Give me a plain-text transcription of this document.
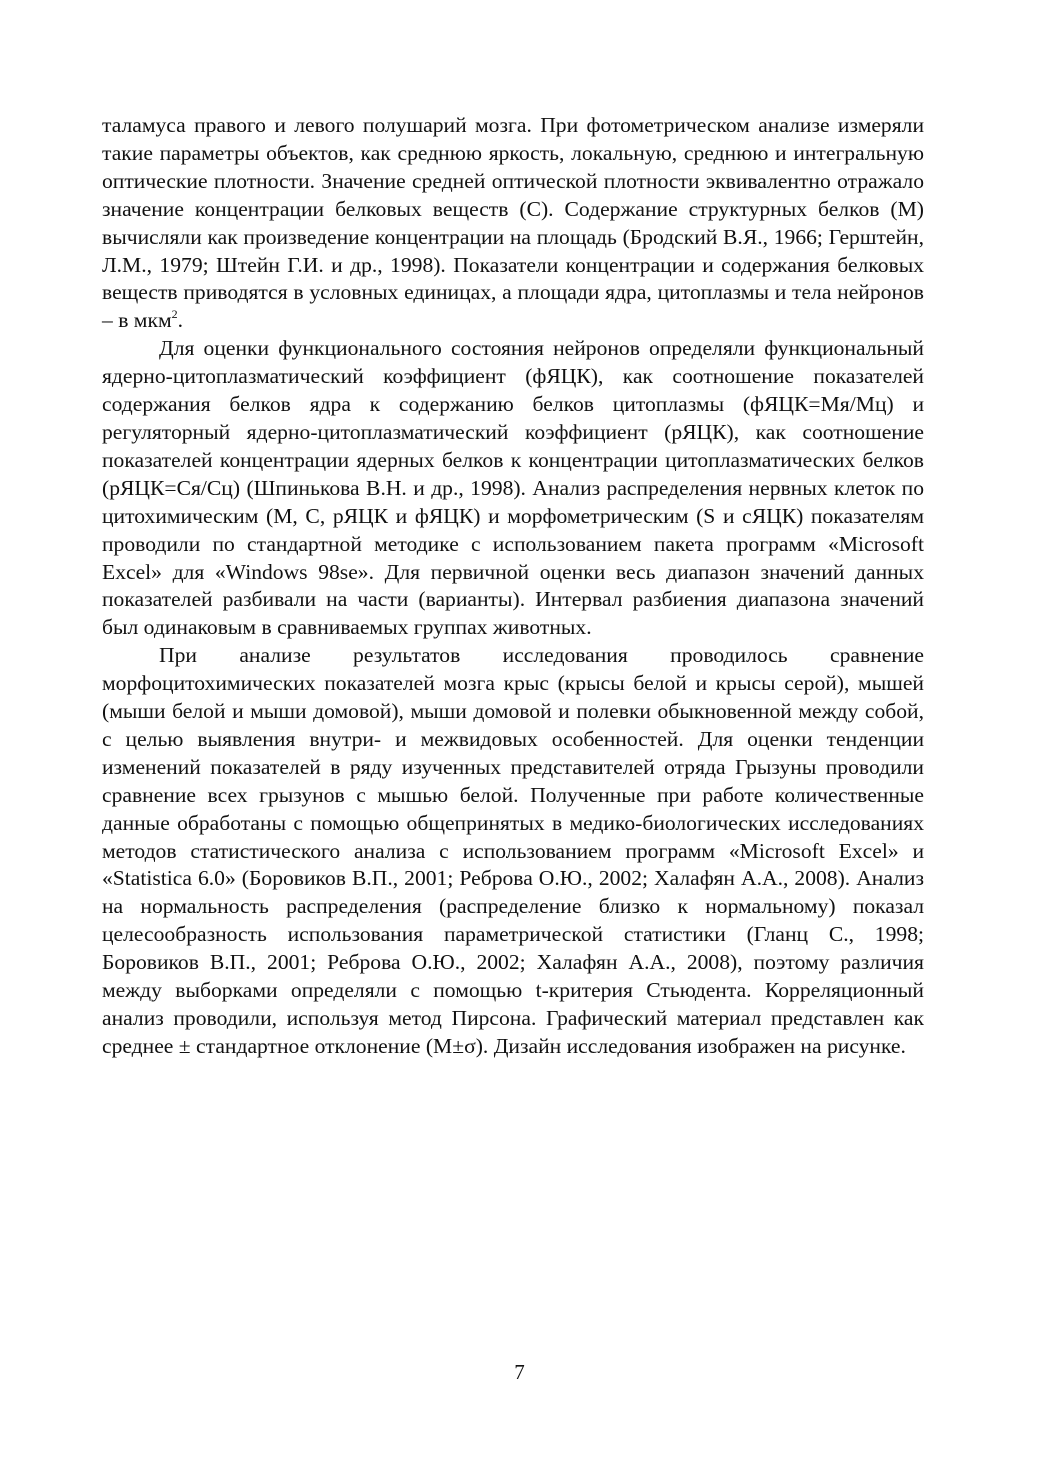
таламуса правого и левого полушарий мозга. При фотометрическом анализе измеряли такие параметры объектов, как среднюю яркость, локальную, среднюю и интегральную оптические плотности. Значение средней оптической плотности эквивалентно отражало значение концентрации белковых веществ (С). Содержание структурных белков (М) вычисляли как произведение концентрации на площадь (Бродский В.Я., 1966; Герштейн, Л.М., 1979; Штейн Г.И. и др., 1998). Показатели концентрации и содержания белковых веществ приводятся в условных единицах, а площади ядра, цитоплазмы и тела нейронов – в мкм$^2$.

Для оценки функционального состояния нейронов определяли функциональный ядерно-цитоплазматический коэффициент (фЯЦК), как соотношение показателей содержания белков ядра к содержанию белков цитоплазмы (фЯЦК=Мя/Мц) и регуляторный ядерно-цитоплазматический коэффициент (рЯЦК), как соотношение показателей концентрации ядерных белков к концентрации цитоплазматических белков (рЯЦК=Ся/Сц) (Шпинькова В.Н. и др., 1998). Анализ распределения нервных клеток по цитохимическим (М, С, рЯЦК и фЯЦК) и морфометрическим (S и сЯЦК) показателям проводили по стандартной методике с использованием пакета программ «Microsoft Excel» для «Windows 98se». Для первичной оценки весь диапазон значений данных показателей разбивали на части (варианты). Интервал разбиения диапазона значений был одинаковым в сравниваемых группах животных.

При анализе результатов исследования проводилось сравнение морфоцитохимических показателей мозга крыс (крысы белой и крысы серой), мышей (мыши белой и мыши домовой), мыши домовой и полевки обыкновенной между собой, с целью выявления внутри- и межвидовых особенностей. Для оценки тенденции изменений показателей в ряду изученных представителей отряда Грызуны проводили сравнение всех грызунов с мышью белой. Полученные при работе количественные данные обработаны с помощью общепринятых в медико-биологических исследованиях методов статистического анализа с использованием программ «Microsoft Excel» и «Statistica 6.0» (Боровиков В.П., 2001; Реброва О.Ю., 2002; Халафян А.А., 2008). Анализ на нормальность распределения (распределение близко к нормальному) показал целесообразность использования параметрической статистики (Гланц С., 1998; Боровиков В.П., 2001; Реброва О.Ю., 2002; Халафян А.А., 2008), поэтому различия между выборками определяли с помощью t-критерия Стьюдента. Корреляционный анализ проводили, используя метод Пирсона. Графический материал представлен как среднее ± стандартное отклонение (М±σ). Дизайн исследования изображен на рисунке.

7
